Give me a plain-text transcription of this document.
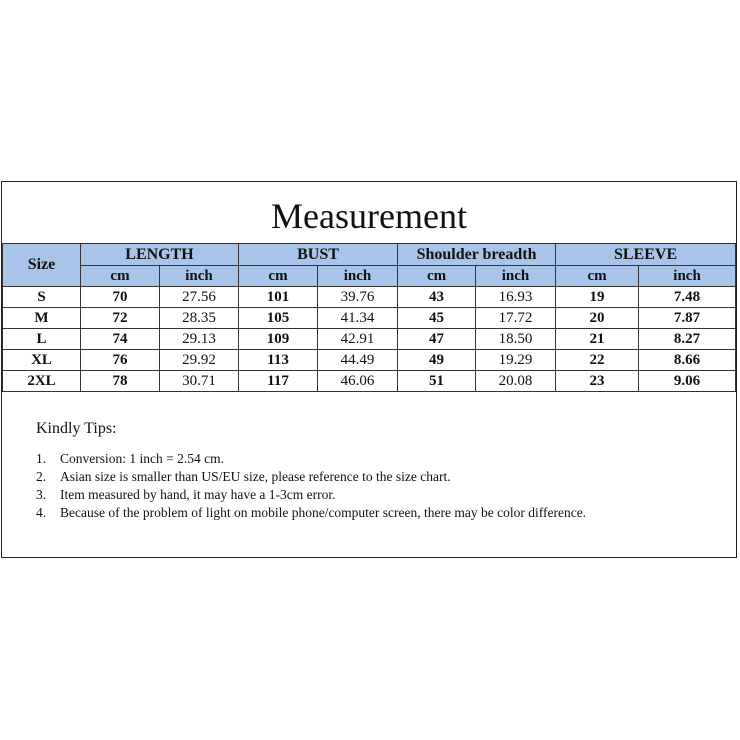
Measurement
Size	LENGTH		BUST		Shoulder breadth		SLEEVE	
	cm	inch	cm	inch	cm	inch	cm	inch
S	70	27.56	101	39.76	43	16.93	19	7.48
M	72	28.35	105	41.34	45	17.72	20	7.87
L	74	29.13	109	42.91	47	18.50	21	8.27
XL	76	29.92	113	44.49	49	19.29	22	8.66
2XL	78	30.71	117	46.06	51	20.08	23	9.06
Kindly Tips:
1.	Conversion: 1 inch = 2.54 cm.
2.	Asian size is smaller than US/EU size, please reference to the size chart.
3.	Item measured by hand, it may have a 1-3cm error.
4.	Because of the problem of light on mobile phone/computer screen, there may be color difference.
